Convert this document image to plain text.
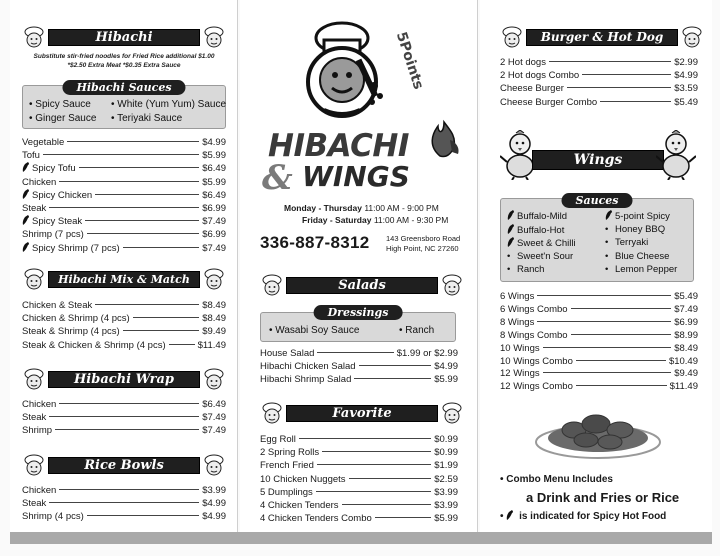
Hibachi
Substitute stir-fried noodles for Fried Rice additional $1.00
*$2.50 Extra Meat *$0.35 Extra Sauce
Hibachi Sauces
• Spicy Sauce • White (Yum Yum) Sauce
• Ginger Sauce • Teriyaki Sauce
Vegetable	$4.99
Tofu	$5.99
Spicy Tofu	$6.49
Chicken	$5.99
Spicy Chicken	$6.49
Steak	$6.99
Spicy Steak	$7.49
Shrimp (7 pcs)	$6.99
Spicy Shrimp (7 pcs)	$7.49
Hibachi Mix & Match
Chicken & Steak	$8.49
Chicken & Shrimp (4 pcs)	$8.49
Steak & Shrimp (4 pcs)	$9.49
Steak & Chicken & Shrimp (4 pcs)	$11.49
Hibachi Wrap
Chicken	$6.49
Steak	$7.49
Shrimp	$7.49
Rice Bowls
Chicken	$3.99
Steak	$4.99
Shrimp (4 pcs)	$4.99
5Points
HIBACHI
& WINGS
Monday - Thursday 11:00 AM - 9:00 PM
Friday - Saturday 11:00 AM - 9:30 PM
336-887-8312 143 Greensboro Road
High Point, NC 27260
Salads
Dressings
• Wasabi Soy Sauce	• Ranch
House Salad	$1.99 or $2.99
Hibachi Chicken Salad	$4.99
Hibachi Shrimp Salad	$5.99
Favorite
Egg Roll	$0.99
2 Spring Rolls	$0.99
French Fried	$1.99
10 Chicken Nuggets	$2.59
5 Dumplings	$3.99
4 Chicken Tenders	$3.99
4 Chicken Tenders Combo	$5.99
Burger & Hot Dog
2 Hot dogs	$2.99
2 Hot dogs Combo	$4.99
Cheese Burger	$3.59
Cheese Burger Combo	$5.49
Wings
Sauces
Buffalo-Mild
Buffalo-Hot
Sweet & Chilli
• Sweet'n Sour
• Ranch
5-point Spicy
• Honey BBQ
• Terryaki
• Blue Cheese
• Lemon Pepper
6 Wings	$5.49
6 Wings Combo	$7.49
8 Wings	$6.99
8 Wings Combo	$8.99
10 Wings	$8.49
10 Wings Combo	$10.49
12 Wings	$9.49
12 Wings Combo	$11.49
• Combo Menu Includes
a Drink and Fries or Rice
•  is indicated for Spicy Hot Food
